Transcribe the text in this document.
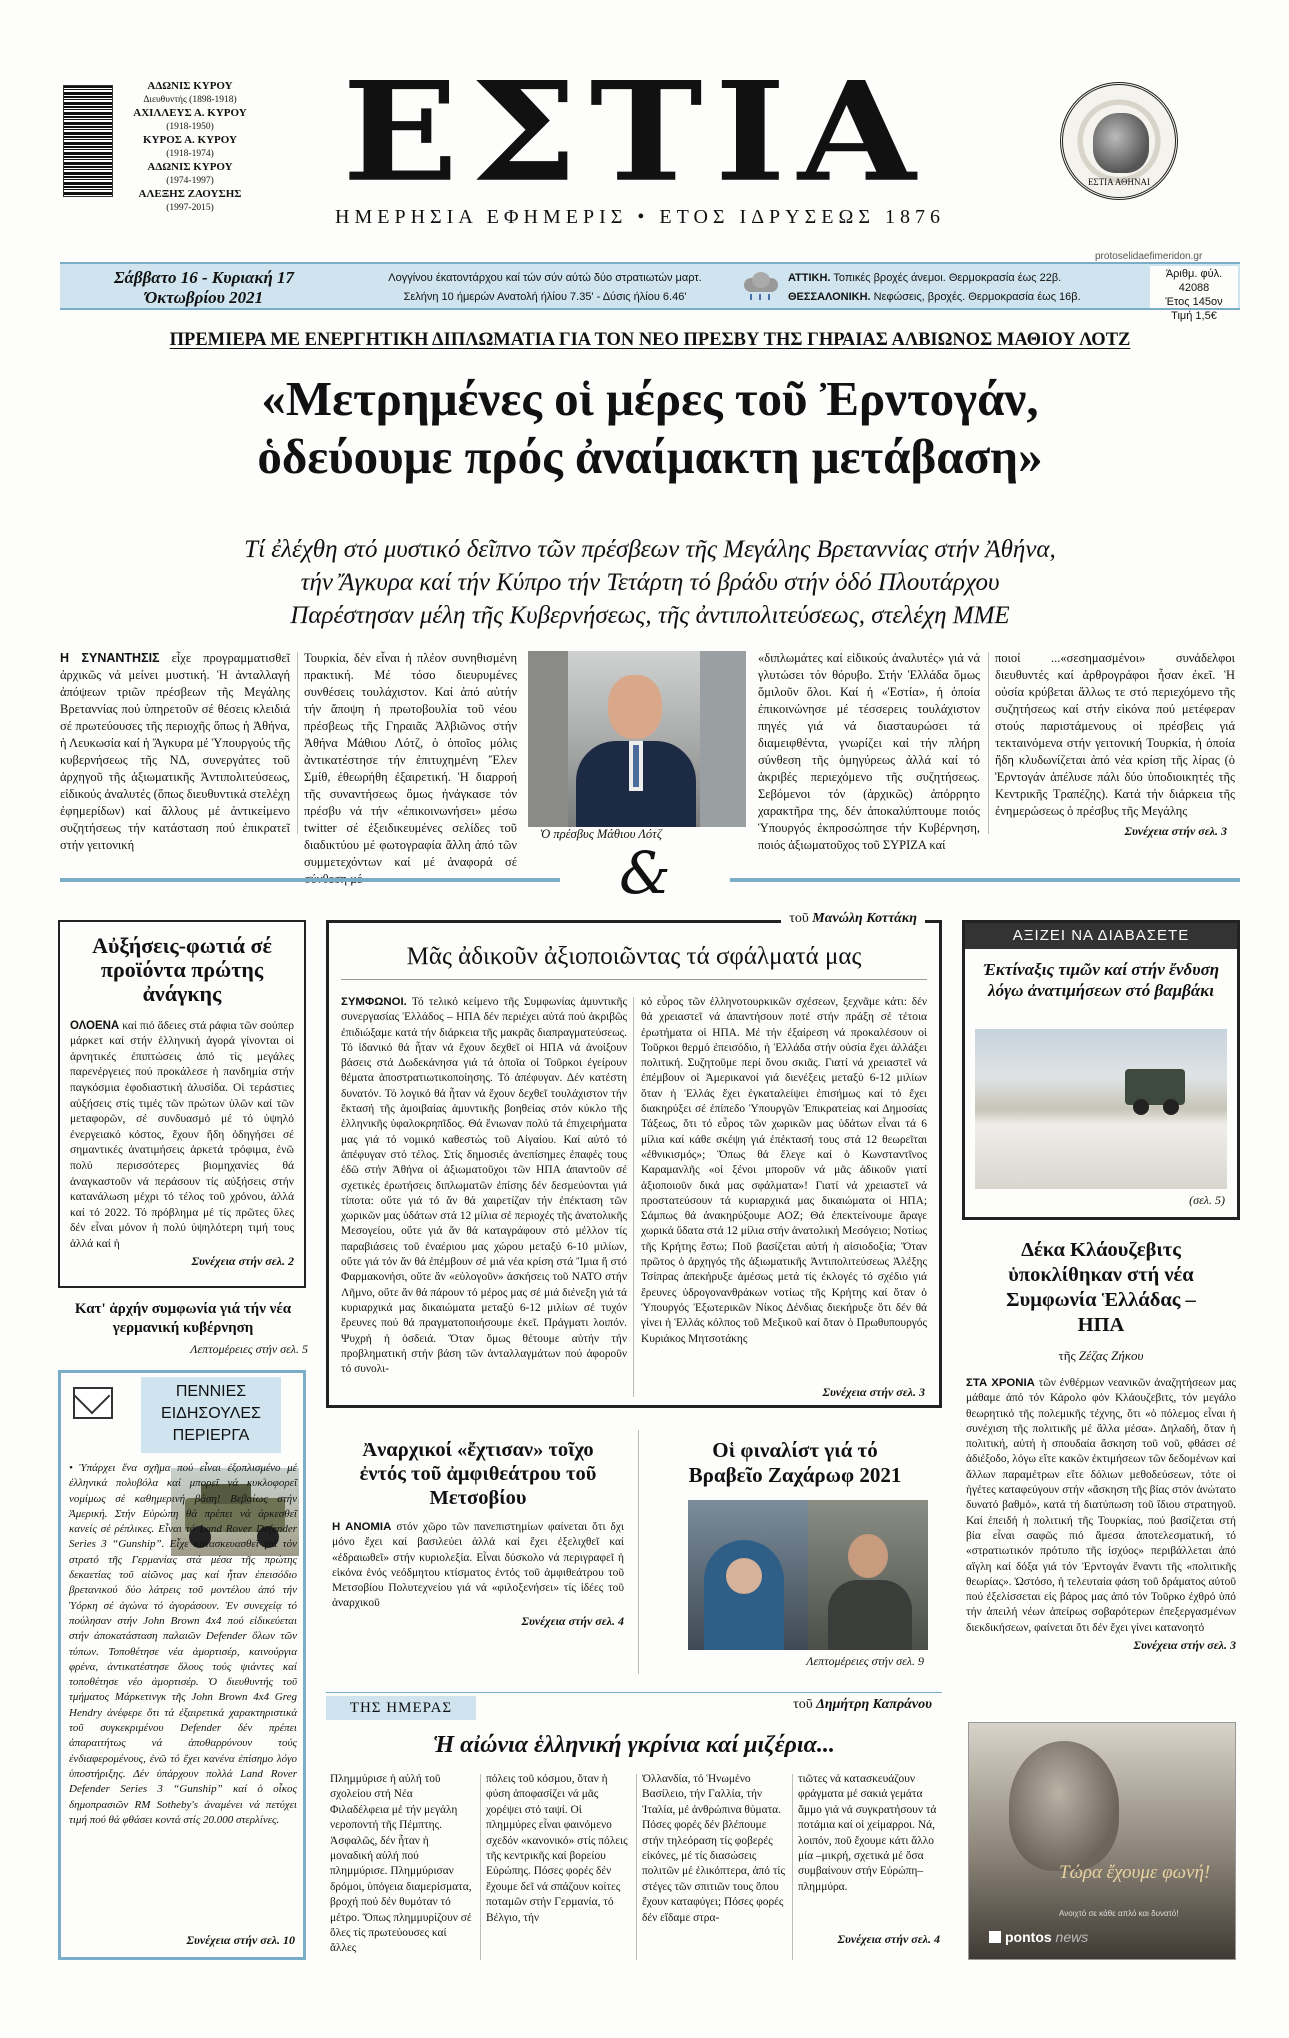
ΑΔΩΝΙΣ ΚΥΡΟΥ
Διευθυντής (1898-1918)
ΑΧΙΛΛΕΥΣ Α. ΚΥΡΟΥ
(1918-1950)
ΚΥΡΟΣ Α. ΚΥΡΟΥ
(1918-1974)
ΑΔΩΝΙΣ ΚΥΡΟΥ
(1974-1997)
ΑΛΕΞΗΣ ΖΑΟΥΣΗΣ
(1997-2015) ΕΣΤΙΑ
ΗΜΕΡΗΣΙΑ ΕΦΗΜΕΡΙΣ • ΕΤΟΣ ΙΔΡΥΣΕΩΣ 1876
ΕΣΤΙΑ ΑΘΗΝΑΙ
protoselidaefimeridon.gr
Σάββατο 16 - Κυριακή 17
Όκτωβρίου 2021
Λογγίνου έκατοντάρχου καί τών σύν αύτώ δύο στρατιωτών μαρτ.
Σελήνη 10 ήμερών Ανατολή ήλίου 7.35' - Δύσις ήλίου 6.46'
ΑΤΤΙΚΗ. Τοπικές βροχές άνεμοι. Θερμοκρασία έως 22β.
ΘΕΣΣΑΛΟΝΙΚΗ. Νεφώσεις, βροχές. Θερμοκρασία έως 16β.
Άριθμ. φύλ. 42088
Έτος 145ον
Τιμή 1,5€
ΠΡΕΜΙΕΡΑ ΜΕ ΕΝΕΡΓΗΤΙΚΗ ΔΙΠΛΩΜΑΤΙΑ ΓΙΑ ΤΟΝ ΝΕΟ ΠΡΕΣΒΥ ΤΗΣ ΓΗΡΑΙΑΣ ΑΛΒΙΩΝΟΣ ΜΑΘΙΟΥ ΛΟΤΖ
«Μετρημένες οἱ μέρες τοῦ Ἐρντογάν,
ὁδεύουμε πρός ἀναίμακτη μετάβαση»
Τί ἐλέχθη στό μυστικό δεῖπνο τῶν πρέσβεων τῆς Μεγάλης Βρεταννίας στήν Ἀθήνα,
τήν Ἄγκυρα καί τήν Κύπρο τήν Τετάρτη τό βράδυ στήν ὁδό Πλουτάρχου
Παρέστησαν μέλη τῆς Κυβερνήσεως, τῆς ἀντιπολιτεύσεως, στελέχη ΜΜΕ
Η ΣΥΝΑΝΤΗΣΙΣ εἶχε προγραμματισθεῖ ἀρχικῶς νά μείνει μυστική. Ἡ ἀνταλλαγή ἀπόψεων τριῶν πρέσβεων τῆς Μεγάλης Βρεταννίας πού ὑπηρετοῦν σέ θέσεις κλειδιά σέ πρωτεύουσες τῆς περιοχῆς ὅπως ἡ Ἀθήνα, ἡ Λευκωσία καί ἡ Ἄγκυρα μέ Ὑπουργούς τῆς κυβερνήσεως τῆς ΝΔ, συνεργάτες τοῦ ἀρχηγοῦ τῆς ἀξιωματικῆς Ἀντιπολιτεύσεως, εἰδικούς ἀναλυτές (ὅπως διευθυντικά στελέχη ἐφημερίδων) καί ἄλλους μέ ἀντικείμενο συζητήσεως τήν κατάσταση πού ἐπικρατεῖ στήν γειτονική
Τουρκία, δέν εἶναι ἡ πλέον συνηθισμένη πρακτική. Μέ τόσο διευρυμένες συνθέσεις τουλάχιστον. Καί ἀπό αὐτήν τήν ἄποψη ἡ πρωτοβουλία τοῦ νέου πρέσβεως τῆς Γηραιᾶς Ἀλβιῶνος στήν Ἀθήνα Μάθιου Λότζ, ὁ ὁποῖος μόλις ἀντικατέστησε τήν ἐπιτυχημένη Ἔλεν Σμίθ, ἐθεωρήθη ἐξαιρετική. Ἡ διαρροή τῆς συναντήσεως ὅμως ἠνάγκασε τόν πρέσβυ νά τήν «ἐπικοινωνήσει» μέσω twitter σέ ἐξειδικευμένες σελίδες τοῦ διαδικτύου μέ φωτογραφία ἄλλη ἀπό τῶν συμμετεχόντων καί μέ ἀναφορά σέ
Ὁ πρέσβυς Μάθιου Λότζ
«διπλωμάτες καί εἰδικούς ἀναλυτές» γιά νά γλυτώσει τόν θόρυβο. Στήν Ἑλλάδα ὅμως ὅμιλοῦν ὅλοι. Καί ἡ «Ἑστία», ἡ ὁποία ἐπικοινώνησε μέ τέσσερεις τουλάχιστον πηγές γιά νά διασταυρώσει τά διαμειφθέντα, γνωρίζει καί τήν πλήρη σύνθεση τῆς ὁμηγύρεως ἀλλά καί τό ἀκριβές περιεχόμενο τῆς συζητήσεως. Σεβόμενοι τόν (ἀρχικῶς) ἀπόρρητο χαρακτῆρα της, δέν ἀποκαλύπτουμε ποιός Ὑπουργός ἐκπροσώπησε τήν Κυβέρνηση, ποιός ἀξιωματοῦχος τοῦ ΣΥΡΙΖΑ καί
ποιοί ...«σεσημασμένοι» συνάδελφοι διευθυντές καί ἀρθρογράφοι ἦσαν ἐκεῖ. Ἡ οὐσία κρύβεται ἄλλως τε στό περιεχόμενο τῆς συζητήσεως καί στήν εἰκόνα πού μετέφεραν στούς παριστάμενους οἱ πρέσβεις γιά τεκταινόμενα στήν γειτονική Τουρκία, ἡ ὁποία ἤδη κλυδωνίζεται ἀπό νέα κρίση τῆς λίρας (ὁ Ἐρντογάν ἀπέλυσε πάλι δύο ὑποδιοικητές τῆς Κεντρικῆς Τραπέζης). Κατά τήν διάρκεια τῆς ἐνημερώσεως ὁ πρέσβυς τῆς Μεγάλης
Συνέχεια στήν σελ. 3
&
Αὐξήσεις-φωτιά σέ προϊόντα πρώτης ἀνάγκης
ΟΛΟΕΝΑ καί πιό ἄδειες στά ράφια τῶν σούπερ μάρκετ καί στήν ἑλληνική ἀγορά γίνονται οἱ ἀρνητικές ἐπιπτώσεις ἀπό τίς μεγάλες παρενέργειες πού προκάλεσε ἡ πανδημία στήν παγκόσμια ἐφοδιαστική ἁλυσίδα. Οἱ τεράστιες αὐξήσεις στίς τιμές τῶν πρώτων ὑλῶν καί τῶν μεταφορῶν, σέ συνδυασμό μέ τό ὑψηλό ἐνεργειακό κόστος, ἔχουν ἤδη ὁδηγήσει σέ σημαντικές ἀνατιμήσεις ἀρκετά τρόφιμα, ἐνῶ πολύ περισσότερες βιομηχανίες θά ἀναγκαστοῦν νά περάσουν τίς αὐξήσεις στήν κατανάλωση μέχρι τό τέλος τοῦ χρόνου, ἀλλά καί τό 2022. Τό πρόβλημα μέ τίς πρῶτες ὕλες δέν εἶναι μόνον ἡ πολύ ὑψηλότερη τιμή τους ἀλλά καί ἡ
Συνέχεια στήν σελ. 2
Κατ' ἀρχήν συμφωνία γιά τήν νέα γερμανική κυβέρνηση
Λεπτομέρειες στήν σελ. 5
ΠΕΝΝΙΕΣ
ΕΙΔΗΣΟΥΛΕΣ
ΠΕΡΙΕΡΓΑ
• Ὑπάρχει ἕνα σχῆμα πού εἶναι ἐξοπλισμένο μέ ἐλληνικά πολυβόλα καί μπορεῖ νά κυκλοφορεῖ νομίμως σέ καθημερινή βάση! Βεβαίως στήν Ἀμερική. Στήν Εὐρώπη θά πρέπει νά ἀρκεσθεῖ κανείς σέ ρέπλικες. Εἶναι τό Land Rover Defender Series 3 “Gunship”. Εἶχε κατασκευασθεῖ γιά τόν στρατό τῆς Γερμανίας στά μέσα τῆς πρώτης δεκαετίας τοῦ αἰῶνος μας καί ἦταν ἐπεισόδιο βρετανικού δύο λάτρεις τοῦ μοντέλου ἀπό τήν Ὑόρκη σέ ἀγώνα τό ἀγοράσουν. Ἐν συνεχείᾳ τό πούλησαν στήν John Brown 4x4 πού εἰδικεύεται στήν ἀποκατάσταση παλαιῶν Defender ὅλων τῶν τύπων. Τοποθέτησε νέα ἀμορτισέρ, καινούργια φρένα, ἀντικατέστησε ὅλους τούς ψιάντες καί τοποθέτησε νέο ἀμορτισέρ. Ὁ διευθυντής τοῦ τμήματος Μάρκετινγκ τῆς John Brown 4x4 Greg Hendry ἀνέφερε ὅτι τά ἐξαιρετικά χαρακτηριστικά τοῦ συγκεκριμένου Defender δέν πρέπει ἀπαραιτήτως νά ἀποθαρρύνουν τούς ἐνδιαφερομένους, ἐνῶ τό ἔχει κανένα ἐπίσημο λόγο ὑποστήριξης. Δέν ὑπάρχουν πολλά Land Rover Defender Series 3 “Gunship” καί ὁ οἶκος δημοπρασιῶν RM Sotheby's ἀναμένει νά πετύχει τιμή πού θά φθάσει κοντά στίς 20.000 στερλίνες.
Συνέχεια στήν σελ. 10
τοῦ Μανώλη Κοττάκη
Μᾶς ἀδικοῦν ἀξιοποιῶντας τά σφάλματά μας
ΣΥΜΦΩΝΟΙ. Τό τελικό κείμενο τῆς Συμφωνίας ἀμυντικῆς συνεργασίας Ἑλλάδος – ΗΠΑ δέν περιέχει αὐτά πού ἀκριβῶς ἐπιδιώξαμε κατά τήν διάρκεια τῆς μακρᾶς διαπραγματεύσεως. Τό ἰδανικό θά ἦταν νά ἔχουν δεχθεῖ οἱ ΗΠΑ νά ἀνοίξουν βάσεις στά Δωδεκάνησα γιά τά ὁποῖα οἱ Τοῦρκοι ἐγείρουν θέματα ἀποστρατιωτικοποίησης. Τό ἀπέφυγαν. Δέν κατέστη δυνατόν. Τό λογικό θά ἦταν νά ἔχουν δεχθεῖ τουλάχιστον τήν ἔκτασή τῆς ἀμοιβαίας ἀμυντικῆς βοηθείας στόν κύκλο τῆς ἑλληνικῆς ὑφαλοκρηπῖδος. Θά ἔνιωναν πολύ τά ἐπιχειρήματα μας γιά τό νομικό καθεστώς τοῦ Αἰγαίου. Καί αὐτό τό ἀπέφυγαν στό τέλος. Στίς δημοσιές ἀνεπίσημες ἐπαφές τους ἐδῶ στήν Ἀθήνα οἱ ἀξιωματοῦχοι τῶν ΗΠΑ ἀπαντοῦν σέ σχετικές ἐρωτήσεις διπλωματῶν ἐπίσης δέν δεσμεύονται γιά τίποτα: οὔτε γιά τό ἄν θά χαιρετίζαν τήν ἐπέκταση τῶν χωρικῶν μας ὑδάτων στά 12 μίλια σέ περιοχές τῆς ἀνατολικῆς Μεσογείου, οὔτε γιά ἄν θά καταγράφουν στό μέλλον τίς παραβιάσεις τοῦ ἐναέριου μας χώρου μεταξύ 6-10 μιλίων, οὔτε γιά τόν ἄν θά ἐπέμβουν σέ μιά νέα κρίση στά Ἴμια ἤ στό Φαρμακονήσι, οὔτε ἄν «εὐλογοῦν» ἀσκήσεις τοῦ ΝΑΤΟ στήν Λῆμνο, οὔτε ἄν θά πάρουν τό μέρος μας σέ μιά διένεξη γιά τά κυριαρχικά μας δικαιώματα μεταξύ 6-12 μιλίων σέ τυχόν ἔρευνες πού θά πραγματοποιήσουμε ἐκεῖ. Πράγματι λοιπόν. Ψυχρή ἡ ὀσδειά. Ὅταν ὅμως θέτουμε αὐτήν τήν προβληματική στήν βάση τῶν ἀνταλλαγμάτων πού ἀφοροῦν τό συνολι-
κό εὖρος τῶν ἑλληνοτουρκικῶν σχέσεων, ξεχνᾶμε κάτι: δέν θά χρειαστεῖ νά ἀπαντήσουν ποτέ στήν πράξη σέ τέτοια ἐρωτήματα οἱ ΗΠΑ. Μέ τήν ἐξαίρεση νά προκαλέσουν οἱ Τοῦρκοι θερμό ἐπεισόδιο, ἡ Ἑλλάδα στήν οὐσία ἔχει ἀλλάξει πολιτική. Συζητοῦμε περί ὄνου σκιᾶς. Γιατί νά χρειαστεῖ νά ἐπέμβουν οἱ Ἀμερικανοί γιά διενέξεις μεταξύ 6-12 μιλίων ὅταν ἡ Ἑλλάς ἔχει ἐγκαταλείψει ἐπισήμως καί τό ἔχει διακηρύξει σέ ἐπίπεδο Ὑπουργῶν Ἐπικρατείας καί Δημοσίας Τάξεως, ὅτι τό εὖρος τῶν χωρικῶν μας ὑδάτων εἶναι τά 6 μίλια καί κάθε σκέψη γιά ἐπέκτασή τους στά 12 θεωρεῖται «ἐθνικισμός»; Ὅπως θά ἔλεγε καί ὁ Κωνσταντῖνος Καραμανλῆς «οἱ ξένοι μποροῦν νά μᾶς ἀδικοῦν γιατί ἀξιοποιοῦν δικά μας σφάλματα»! Γιατί νά χρειαστεῖ νά προστατεύσουν τά κυριαρχικά μας δικαιώματα οἱ ΗΠΑ; Σάμπως θά ἀνακηρύξουμε ΑΟΖ; Θά ἐπεκτείνουμε ἄραγε χωρικά ὕδατα στά 12 μίλια στήν ἀνατολική Μεσόγειο; Νοτίως τῆς Κρήτης ἔστω; Ποῦ βασίζεται αὐτή ἡ αἰσιοδοξία; Ὅταν πρῶτος ὁ ἀρχηγός τῆς ἀξιωματικῆς Ἀντιπολιτεύσεως Ἀλέξης Τσίπρας ἀπεκήρυξε ἀμέσως μετά τίς ἐκλογές τό σχέδιο γιά ἔρευνες ὑδρογονανθράκων νοτίως τῆς Κρήτης καί ὅταν ὁ Ὑπουργός Ἐξωτερικῶν Νίκος Δένδιας διεκήρυξε ὅτι δέν θά γίνει ἡ Ἑλλάς κόλπος τοῦ Μεξικοῦ καί ὅταν ὁ Πρωθυπουργός Κυριάκος Μητσοτάκης
Συνέχεια στήν σελ. 3
Ἀναρχικοί «ἔχτισαν» τοῖχο ἐντός τοῦ ἀμφιθεάτρου τοῦ Μετσοβίου
Η ΑΝΟΜΙΑ στόν χῶρο τῶν πανεπιστημίων φαίνεται ὅτι δχι μόνο ἔχει καί βασιλεύει ἀλλά καί ἔχει ἐξελιχθεῖ καί «ἐδραιωθεῖ» στήν κυριολεξία. Εἶναι δύσκολο νά περιγραφεῖ ἡ εἰκόνα ἑνός νεόδμητου κτίσματος ἐντός τοῦ ἀμφιθεάτρου τοῦ Μετσοβίου Πολυτεχνείου γιά νά «φιλοξενήσει» τίς ἰδέες τοῦ ἀναρχικοῦ
Συνέχεια στήν σελ. 4
Οἱ φιναλίστ γιά τό Βραβεῖο Ζαχάρωφ 2021
Λεπτομέρειες στήν σελ. 9
ΤΗΣ ΗΜΕΡΑΣ	τοῦ Δημήτρη Καπράνου
Ἡ αἰώνια ἑλληνική γκρίνια καί μιζέρια...
Πλημμύρισε ἡ αὐλή τοῦ σχολείου στή Νέα Φιλαδέλφεια μέ τήν μεγάλη νεροποντή τῆς Πέμπτης. Ἀσφαλῶς, δέν ἦταν ἡ μοναδική αὐλή πού πλημμύρισε. Πλημμύρισαν δρόμοι, ὑπόγεια διαμερίσματα, βροχή πού δέν θυμόταν τό μέτρο. Ὅπως πλημμυρίζουν σέ ὅλες τίς πρωτεύουσες καί ἄλλες
πόλεις τοῦ κόσμου, ὅταν ἡ φύση ἀποφασίζει νά μᾶς χορέψει στό ταψί. Οἱ πλημμύρες εἶναι φαινόμενο σχεδόν «κανονικό» στίς πόλεις τῆς κεντρικῆς καί βορείου Εὐρώπης. Πόσες φορές δέν ἔχουμε δεῖ νά σπάζουν κοίτες ποταμῶν στήν Γερμανία, τό Βέλγιο, τήν
Ὀλλανδία, τό Ἡνωμένο Βασίλειο, τήν Γαλλία, τήν Ἰταλία, μέ ἀνθρώπινα θύματα. Πόσες φορές δέν βλέπουμε στήν τηλεόραση τίς φοβερές εἰκόνες, μέ τίς διασώσεις πολιτῶν μέ ἑλικόπτερα, ἀπό τίς στέγες τῶν σπιτιῶν τους ὅπου ἔχουν καταφύγει; Πόσες φορές δέν εἴδαμε στρα-
τιῶτες νά κατασκευάζουν φράγματα μέ σακιά γεμάτα ἄμμο γιά νά συγκρατήσουν τά ποτάμια καί οἱ χείμαρροι. Νά, λοιπόν, ποῦ ἔχουμε κάτι ἄλλο μία –μικρή, σχετικά μέ ὅσα συμβαίνουν στήν Εὐρώπη– πλημμύρα.
Συνέχεια στήν σελ. 4
ΑΞΙΖΕΙ ΝΑ ΔΙΑΒΑΣΕΤΕ
Ἐκτίναξις τιμῶν καί στήν ἔνδυση λόγω ἀνατιμήσεων στό βαμβάκι
(σελ. 5)
Δέκα Κλάουζεβιτς ὑποκλίθηκαν στή νέα Συμφωνία Ἑλλάδας – ΗΠΑ
τῆς Ζέζας Ζήκου
ΣΤΑ ΧΡΟΝΙΑ τῶν ἐνθέρμων νεανικῶν ἀναζητήσεων μας μάθαμε ἀπό τόν Κάρολο φόν Κλάουζεβιτς, τόν μεγάλο θεωρητικό τῆς πολεμικῆς τέχνης, ὅτι «ὁ πόλεμος εἶναι ἡ συνέχιση τῆς πολιτικῆς μέ ἄλλα μέσα». Δηλαδή, ὅταν ἡ πολιτική, αὐτή ἡ σπουδαία ἄσκηση τοῦ νοῦ, φθάσει σέ ἀδιέξοδο, λόγω εἴτε κακῶν ἐκτιμήσεων τῶν δεδομένων καί ἄλλων παραμέτρων εἴτε δόλιων μεθοδεύσεων, τότε οἱ ἡγέτες καταφεύγουν στήν «ἄσκηση τῆς βίας στόν ἀνώτατο δυνατό βαθμό», κατά τή διατύπωση τοῦ ἴδιου στρατηγοῦ. Καί ἐπειδή ἡ πολιτική τῆς Τουρκίας, πού βασίζεται στή βία εἶναι σαφῶς πιό ἄμεσα ἀποτελεσματική, τό «στρατιωτικόν πρότυπο τῆς ἰσχύος» περιβάλλεται ἀπό αἴγλη καί δόξα γιά τόν Ἐρντογάν ἔναντι τῆς «πολιτικῆς θεωρίας». Ὡστόσο, ἡ τελευταία φάση τοῦ δράματος αὐτοῦ πού ἐξελίσσεται εἰς βάρος μας ἀπό τόν Τοῦρκο ἐχθρό ὑπό τήν ἀπειλή νέων ἀπείρως σοβαρότερων ἐπεξεργασμένων διεκδικήσεων, φαίνεται ὅτι δέν ἔχει γίνει κατανοητό
Συνέχεια στήν σελ. 3
Τώρα ἔχουμε φωνή!
Ανοιχτό σε κάθε απλό και δυνατό!
pontos news
